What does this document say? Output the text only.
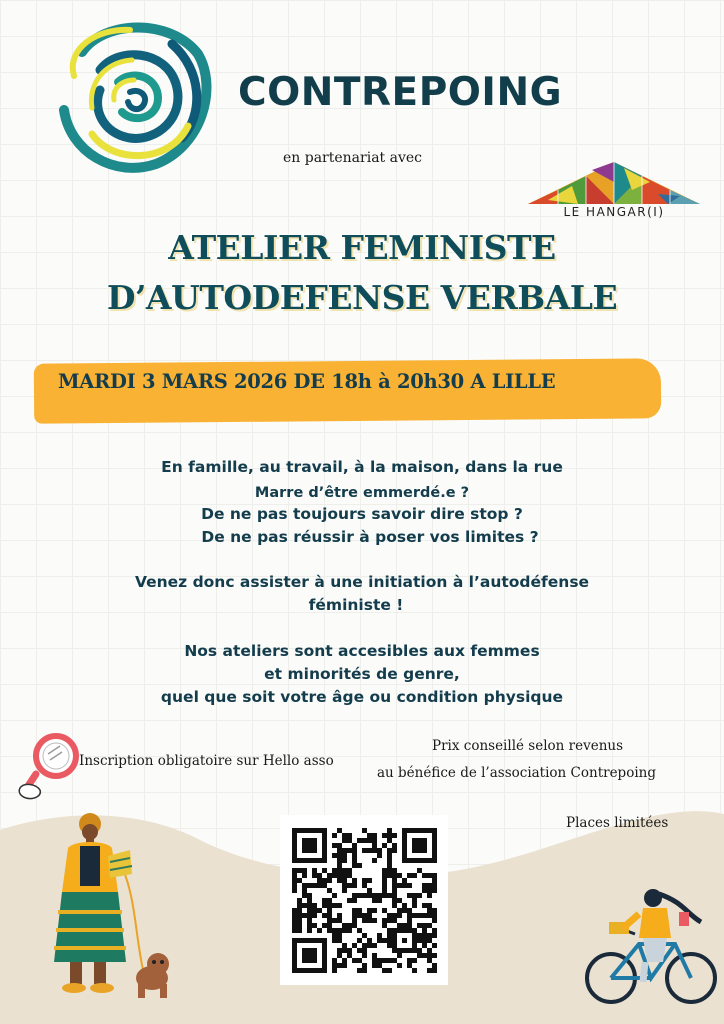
CONTREPOING
en partenariat avec
LE HANGAR(I)
ATELIER FEMINISTE
D’AUTODEFENSE VERBALE
MARDI 3 MARS 2026 DE 18h à 20h30 A LILLE
En famille, au travail, à la maison, dans la rue
Marre d’être emmerdé.e ?
De ne pas toujours savoir dire stop ?
De ne pas réussir à poser vos limites ?
Venez donc assister à une initiation à l’autodéfense
féministe !
Nos ateliers sont accesibles aux femmes
et minorités de genre,
quel que soit votre âge ou condition physique
Inscription obligatoire sur Hello asso
Prix conseillé selon revenus
au bénéfice de l’association Contrepoing
Places limitées
